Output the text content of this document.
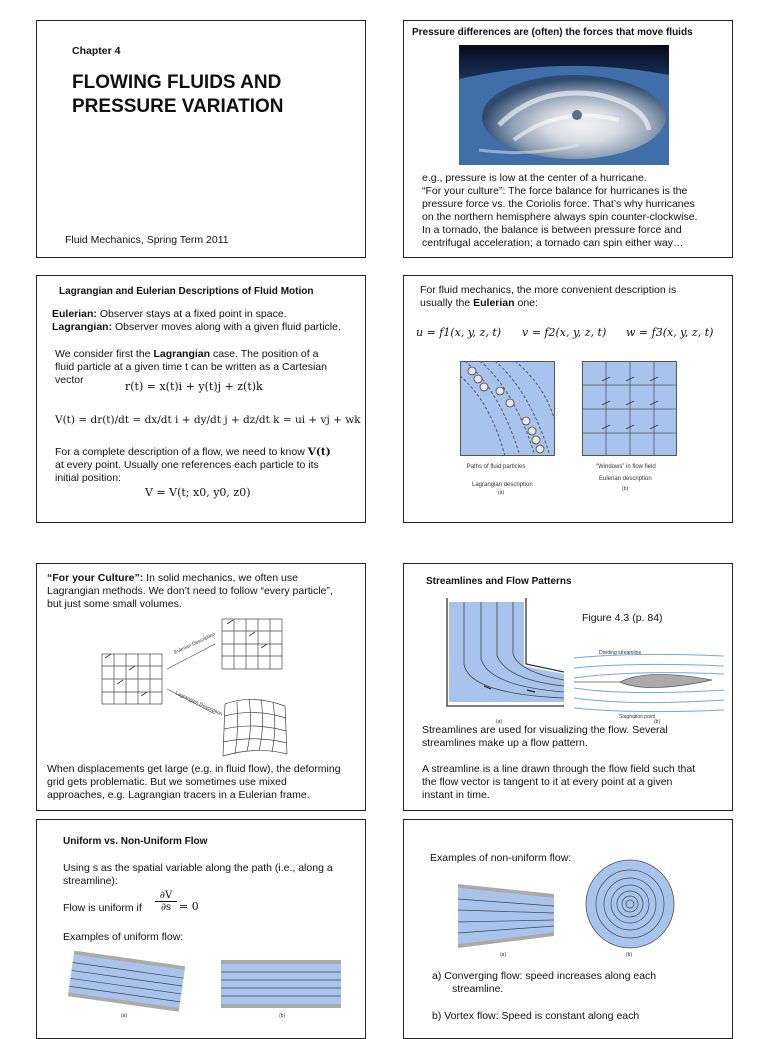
Chapter 4
FLOWING FLUIDS AND
PRESSURE VARIATION
Fluid Mechanics, Spring Term 2011
Pressure differences are (often) the forces that move fluids
e.g., pressure is low at the center of a hurricane.
“For your culture”: The force balance for hurricanes is the
pressure force vs. the Coriolis force. That’s why hurricanes
on the northern hemisphere always spin counter-clockwise.
In a tornado, the balance is between pressure force and
centrifugal acceleration; a tornado can spin either way…
Lagrangian and Eulerian Descriptions of Fluid Motion
Eulerian: Observer stays at a fixed point in space.
Lagrangian: Observer moves along with a given fluid particle.
We consider first the Lagrangian case. The position of a
fluid particle at a given time t can be written as a Cartesian
vector	r(t) = x(t)i + y(t)j + z(t)k
V(t) = dr(t)/dt = dx/dt i + dy/dt j + dz/dt k = ui + vj + wk
For a complete description of a flow, we need to know V(t)
at every point. Usually one references each particle to its
initial position:
V = V(t; x0, y0, z0)
For fluid mechanics, the more convenient description is
usually the Eulerian one:
u = f1(x, y, z, t) v = f2(x, y, z, t) w = f3(x, y, z, t)
Paths of fluid particles
Lagrangian description
(a)
“Windows” in flow field
Eulerian description
(b)
“For your Culture”: In solid mechanics, we often use
Lagrangian methods. We don’t need to follow “every particle”,
but just some small volumes.
Eulerian Description
Lagrangian Description
When displacements get large (e.g. in fluid flow), the deforming
grid gets problematic. But we sometimes use mixed
approaches, e.g. Lagrangian tracers in a Eulerian frame.
Streamlines and Flow Patterns
Figure 4.3 (p. 84)
Dividing streamline
Stagnation point
(a)	(b)
Streamlines are used for visualizing the flow. Several
streamlines make up a flow pattern.
A streamline is a line drawn through the flow field such that
the flow vector is tangent to it at every point at a given
instant in time.
Uniform vs. Non-Uniform Flow
Using s as the spatial variable along the path (i.e., along a
streamline):
Flow is uniform if $\frac{\partial V}{\partial s} = 0$
Examples of uniform flow:
(a)	(b)
Examples of non-uniform flow:
(a)	(b)
a) Converging flow: speed increases along each
streamline.
b) Vortex flow: Speed is constant along each
